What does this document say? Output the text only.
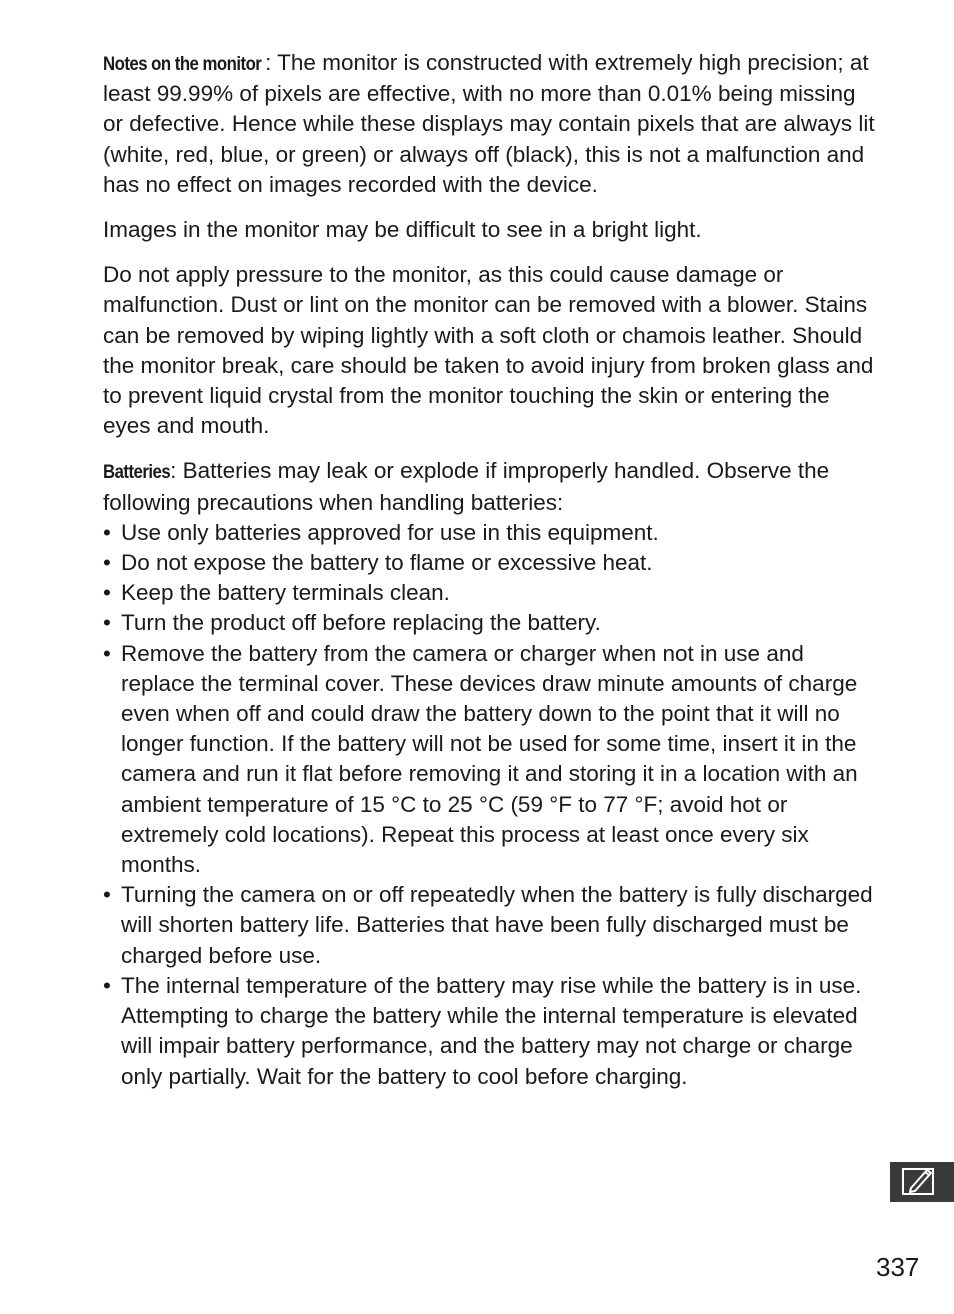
Notes on the monitor : The monitor is constructed with extremely high precision; at least 99.99% of pixels are effective, with no more than 0.01% being missing or defective. Hence while these displays may contain pixels that are always lit (white, red, blue, or green) or always off (black), this is not a malfunction and has no effect on images recorded with the device.

Images in the monitor may be difficult to see in a bright light.

Do not apply pressure to the monitor, as this could cause damage or malfunction. Dust or lint on the monitor can be removed with a blower. Stains can be removed by wiping lightly with a soft cloth or chamois leather. Should the monitor break, care should be taken to avoid injury from broken glass and to prevent liquid crystal from the monitor touching the skin or entering the eyes and mouth.

Batteries: Batteries may leak or explode if improperly handled. Observe the following precautions when handling batteries:

• Use only batteries approved for use in this equipment.
• Do not expose the battery to flame or excessive heat.
• Keep the battery terminals clean.
• Turn the product off before replacing the battery.
• Remove the battery from the camera or charger when not in use and replace the terminal cover. These devices draw minute amounts of charge even when off and could draw the battery down to the point that it will no longer function. If the battery will not be used for some time, insert it in the camera and run it flat before removing it and storing it in a location with an ambient temperature of 15 °C to 25 °C (59 °F to 77 °F; avoid hot or extremely cold locations). Repeat this process at least once every six months.
• Turning the camera on or off repeatedly when the battery is fully discharged will shorten battery life. Batteries that have been fully discharged must be charged before use.
• The internal temperature of the battery may rise while the battery is in use. Attempting to charge the battery while the internal temperature is elevated will impair battery performance, and the battery may not charge or charge only partially. Wait for the battery to cool before charging.
337
